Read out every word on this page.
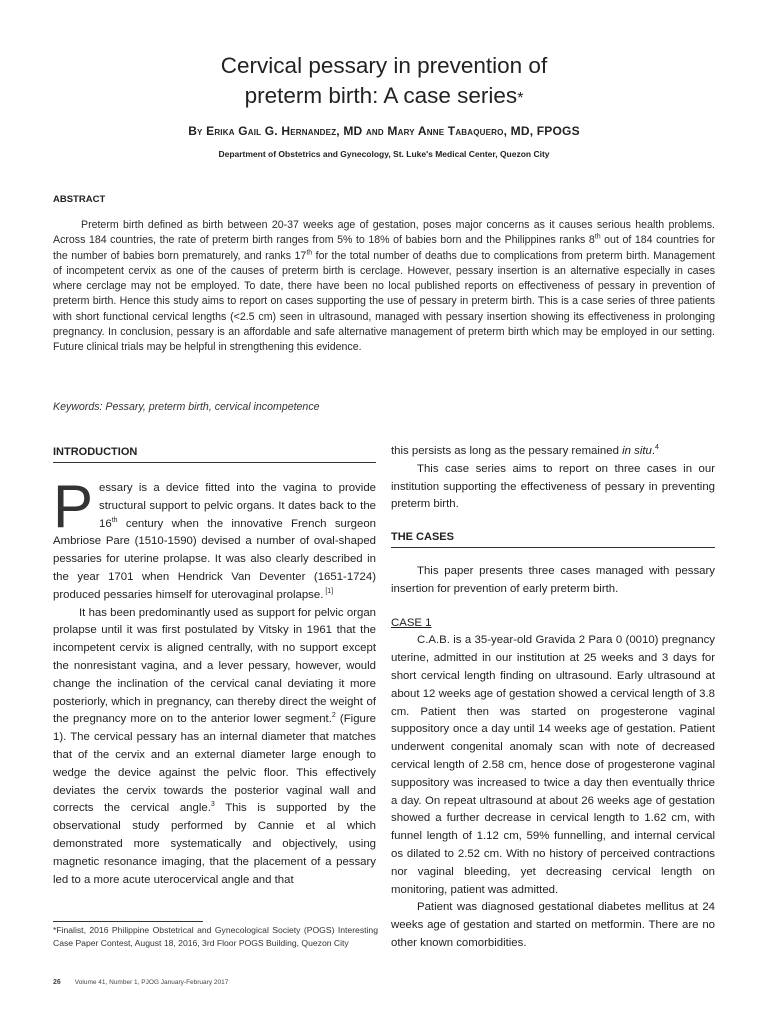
Cervical pessary in prevention of
preterm birth: A case series*
By Erika Gail G. Hernandez, MD and Mary Anne Tabaquero, MD, FPOGS
Department of Obstetrics and Gynecology, St. Luke's Medical Center, Quezon City
ABSTRACT

Preterm birth defined as birth between 20-37 weeks age of gestation, poses major concerns as it causes serious health problems. Across 184 countries, the rate of preterm birth ranges from 5% to 18% of babies born and the Philippines ranks 8th out of 184 countries for the number of babies born prematurely, and ranks 17th for the total number of deaths due to complications from preterm birth. Management of incompetent cervix as one of the causes of preterm birth is cerclage. However, pessary insertion is an alternative especially in cases where cerclage may not be employed. To date, there have been no local published reports on effectiveness of pessary in prevention of preterm birth. Hence this study aims to report on cases supporting the use of pessary in preterm birth. This is a case series of three patients with short functional cervical lengths (<2.5 cm) seen in ultrasound, managed with pessary insertion showing its effectiveness in prolonging pregnancy. In conclusion, pessary is an affordable and safe alternative management of preterm birth which may be employed in our setting. Future clinical trials may be helpful in strengthening this evidence.

Keywords: Pessary, preterm birth, cervical incompetence
INTRODUCTION

Pessary is a device fitted into the vagina to provide structural support to pelvic organs. It dates back to the 16th century when the innovative French surgeon Ambriose Pare (1510-1590) devised a number of oval-shaped pessaries for uterine prolapse. It was also clearly described in the year 1701 when Hendrick Van Deventer (1651-1724) produced pessaries himself for uterovaginal prolapse. [1]

It has been predominantly used as support for pelvic organ prolapse until it was first postulated by Vitsky in 1961 that the incompetent cervix is aligned centrally, with no support except the nonresistant vagina, and a lever pessary, however, would change the inclination of the cervical canal deviating it more posteriorly, which in pregnancy, can thereby direct the weight of the pregnancy more on to the anterior lower segment.$^2$ (Figure 1). The cervical pessary has an internal diameter that matches that of the cervix and an external diameter large enough to wedge the device against the pelvic floor. This effectively deviates the cervix towards the posterior vaginal wall and corrects the cervical angle.$^3$ This is supported by the observational study performed by Cannie et al which demonstrated more systematically and objectively, using magnetic resonance imaging, that the placement of a pessary led to a more acute uterocervical angle and that

this persists as long as the pessary remained in situ.$^4$

This case series aims to report on three cases in our institution supporting the effectiveness of pessary in preventing preterm birth.

THE CASES

This paper presents three cases managed with pessary insertion for prevention of early preterm birth.

CASE 1

C.A.B. is a 35-year-old Gravida 2 Para 0 (0010) pregnancy uterine, admitted in our institution at 25 weeks and 3 days for short cervical length finding on ultrasound. Early ultrasound at about 12 weeks age of gestation showed a cervical length of 3.8 cm. Patient then was started on progesterone vaginal suppository once a day until 14 weeks age of gestation. Patient underwent congenital anomaly scan with note of decreased cervical length of 2.58 cm, hence dose of progesterone vaginal suppository was increased to twice a day then eventually thrice a day. On repeat ultrasound at about 26 weeks age of gestation showed a further decrease in cervical length to 1.62 cm, with funnel length of 1.12 cm, 59% funnelling, and internal cervical os dilated to 2.52 cm. With no history of perceived contractions nor vaginal bleeding, yet decreasing cervical length on monitoring, patient was admitted.

Patient was diagnosed gestational diabetes mellitus at 24 weeks age of gestation and started on metformin. There are no other known comorbidities.

*Finalist, 2016 Philippine Obstetrical and Gynecological Society (POGS) Interesting Case Paper Contest, August 18, 2016, 3rd Floor POGS Building, Quezon City
26 Volume 41, Number 1, PJOG January-February 2017
